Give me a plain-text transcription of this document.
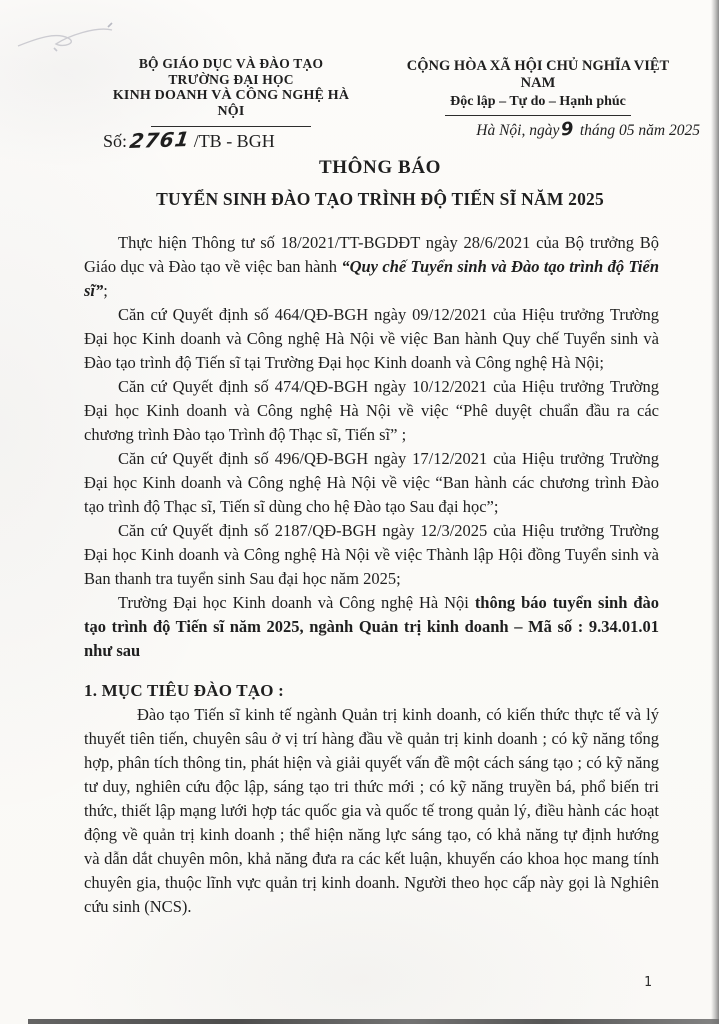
BỘ GIÁO DỤC VÀ ĐÀO TẠO
TRƯỜNG ĐẠI HỌC
KINH DOANH VÀ CÔNG NGHỆ HÀ NỘI
Số:2761 /TB - BGH
CỘNG HÒA XÃ HỘI CHỦ NGHĨA VIỆT NAM
Độc lập – Tự do – Hạnh phúc
Hà Nội, ngày9 tháng 05 năm 2025
THÔNG BÁO
TUYỂN SINH ĐÀO TẠO TRÌNH ĐỘ TIẾN SĨ NĂM 2025

Thực hiện Thông tư số 18/2021/TT-BGDĐT ngày 28/6/2021 của Bộ trưởng Bộ Giáo dục và Đào tạo về việc ban hành “Quy chế Tuyển sinh và Đào tạo trình độ Tiến sĩ”;

Căn cứ Quyết định số 464/QĐ-BGH ngày 09/12/2021 của Hiệu trưởng Trường Đại học Kinh doanh và Công nghệ Hà Nội về việc Ban hành Quy chế Tuyển sinh và Đào tạo trình độ Tiến sĩ tại Trường Đại học Kinh doanh và Công nghệ Hà Nội;

Căn cứ Quyết định số 474/QĐ-BGH ngày 10/12/2021 của Hiệu trưởng Trường Đại học Kinh doanh và Công nghệ Hà Nội về việc “Phê duyệt chuẩn đầu ra các chương trình Đào tạo Trình độ Thạc sĩ, Tiến sĩ” ;

Căn cứ Quyết định số 496/QĐ-BGH ngày 17/12/2021 của Hiệu trưởng Trường Đại học Kinh doanh và Công nghệ Hà Nội về việc “Ban hành các chương trình Đào tạo trình độ Thạc sĩ, Tiến sĩ dùng cho hệ Đào tạo Sau đại học”;

Căn cứ Quyết định số 2187/QĐ-BGH ngày 12/3/2025 của Hiệu trưởng Trường Đại học Kinh doanh và Công nghệ Hà Nội về việc Thành lập Hội đồng Tuyển sinh và Ban thanh tra tuyển sinh Sau đại học năm 2025;

Trường Đại học Kinh doanh và Công nghệ Hà Nội thông báo tuyển sinh đào tạo trình độ Tiến sĩ năm 2025, ngành Quản trị kinh doanh – Mã số : 9.34.01.01 như sau

1. MỤC TIÊU ĐÀO TẠO :

Đào tạo Tiến sĩ kinh tế ngành Quản trị kinh doanh, có kiến thức thực tế và lý thuyết tiên tiến, chuyên sâu ở vị trí hàng đầu về quản trị kinh doanh ; có kỹ năng tổng hợp, phân tích thông tin, phát hiện và giải quyết vấn đề một cách sáng tạo ; có kỹ năng tư duy, nghiên cứu độc lập, sáng tạo tri thức mới ; có kỹ năng truyền bá, phổ biến tri thức, thiết lập mạng lưới hợp tác quốc gia và quốc tế trong quản lý, điều hành các hoạt động về quản trị kinh doanh ; thể hiện năng lực sáng tạo, có khả năng tự định hướng và dẫn dắt chuyên môn, khả năng đưa ra các kết luận, khuyến cáo khoa học mang tính chuyên gia, thuộc lĩnh vực quản trị kinh doanh. Người theo học cấp này gọi là Nghiên cứu sinh (NCS).

1
